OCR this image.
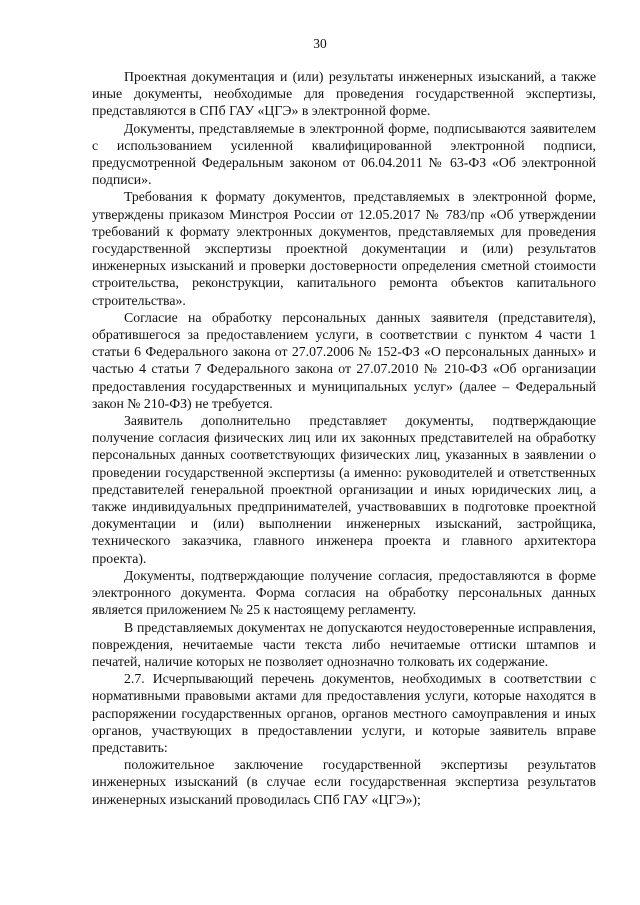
30

Проектная документация и (или) результаты инженерных изысканий, а также иные документы, необходимые для проведения государственной экспертизы, представляются в СПб ГАУ «ЦГЭ» в электронной форме.

Документы, представляемые в электронной форме, подписываются заявителем с использованием усиленной квалифицированной электронной подписи, предусмотренной Федеральным законом от 06.04.2011 № 63-ФЗ «Об электронной подписи».

Требования к формату документов, представляемых в электронной форме, утверждены приказом Минстроя России от 12.05.2017 № 783/пр «Об утверждении требований к формату электронных документов, представляемых для проведения государственной экспертизы проектной документации и (или) результатов инженерных изысканий и проверки достоверности определения сметной стоимости строительства, реконструкции, капитального ремонта объектов капитального строительства».

Согласие на обработку персональных данных заявителя (представителя), обратившегося за предоставлением услуги, в соответствии с пунктом 4 части 1 статьи 6 Федерального закона от 27.07.2006 № 152-ФЗ «О персональных данных» и частью 4 статьи 7 Федерального закона от 27.07.2010 № 210-ФЗ «Об организации предоставления государственных и муниципальных услуг» (далее – Федеральный закон № 210-ФЗ) не требуется.

Заявитель дополнительно представляет документы, подтверждающие получение согласия физических лиц или их законных представителей на обработку персональных данных соответствующих физических лиц, указанных в заявлении о проведении государственной экспертизы (а именно: руководителей и ответственных представителей генеральной проектной организации и иных юридических лиц, а также индивидуальных предпринимателей, участвовавших в подготовке проектной документации и (или) выполнении инженерных изысканий, застройщика, технического заказчика, главного инженера проекта и главного архитектора проекта).

Документы, подтверждающие получение согласия, предоставляются в форме электронного документа. Форма согласия на обработку персональных данных является приложением № 25 к настоящему регламенту.

В представляемых документах не допускаются неудостоверенные исправления, повреждения, нечитаемые части текста либо нечитаемые оттиски штампов и печатей, наличие которых не позволяет однозначно толковать их содержание.

2.7. Исчерпывающий перечень документов, необходимых в соответствии с нормативными правовыми актами для предоставления услуги, которые находятся в распоряжении государственных органов, органов местного самоуправления и иных органов, участвующих в предоставлении услуги, и которые заявитель вправе представить:

положительное заключение государственной экспертизы результатов инженерных изысканий (в случае если государственная экспертиза результатов инженерных изысканий проводилась СПб ГАУ «ЦГЭ»);
